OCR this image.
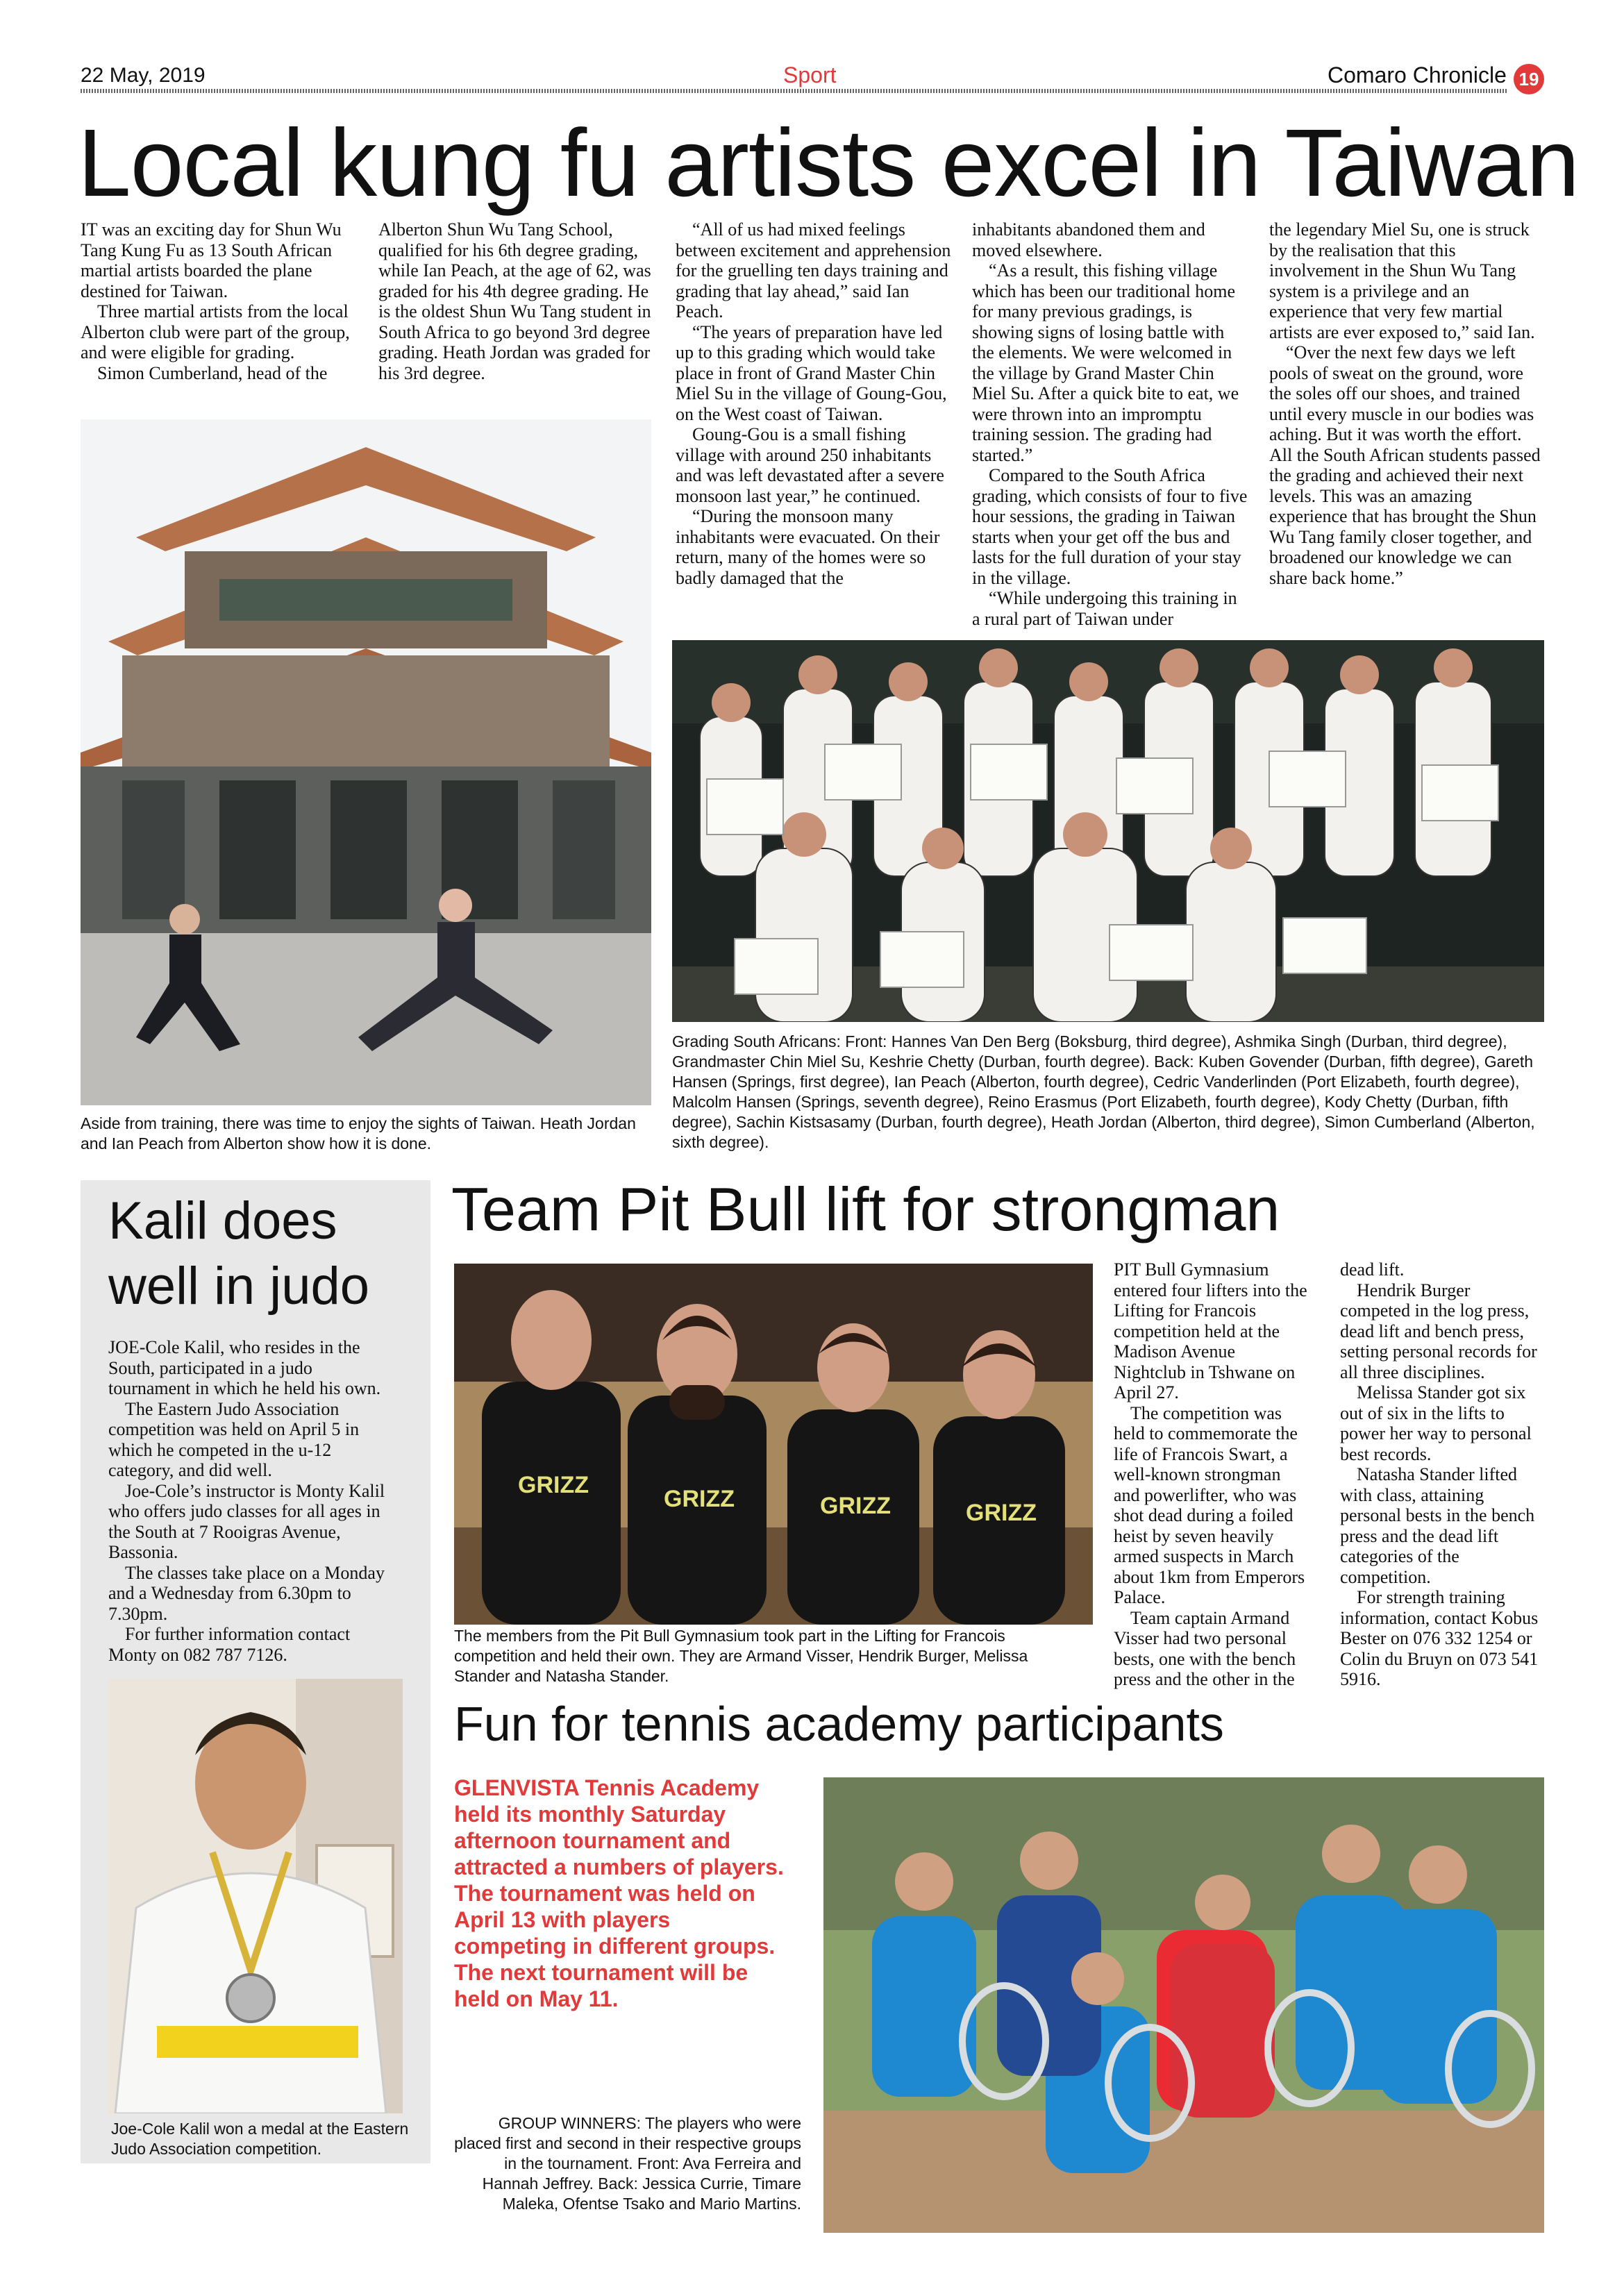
22 May, 2019	Sport	Comaro Chronicle 19
Local kung fu artists excel in Taiwan

IT was an exciting day for Shun Wu Tang Kung Fu as 13 South African martial artists boarded the plane destined for Taiwan.

Three martial artists from the local Alberton club were part of the group, and were eligible for grading.

Simon Cumberland, head of the

Alberton Shun Wu Tang School, qualified for his 6th degree grading, while Ian Peach, at the age of 62, was graded for his 4th degree grading. He is the oldest Shun Wu Tang student in South Africa to go beyond 3rd degree grading. Heath Jordan was graded for his 3rd degree.

“All of us had mixed feelings between excitement and apprehension for the gruelling ten days training and grading that lay ahead,” said Ian Peach.

“The years of preparation have led up to this grading which would take place in front of Grand Master Chin Miel Su in the village of Goung-Gou, on the West coast of Taiwan.

Goung-Gou is a small fishing village with around 250 inhabitants and was left devastated after a severe monsoon last year,” he continued.

“During the monsoon many inhabitants were evacuated. On their return, many of the homes were so badly damaged that the

inhabitants abandoned them and moved elsewhere.

“As a result, this fishing village which has been our traditional home for many previous gradings, is showing signs of losing battle with the elements. We were welcomed in the village by Grand Master Chin Miel Su. After a quick bite to eat, we were thrown into an impromptu training session. The grading had started.”

Compared to the South Africa grading, which consists of four to five hour sessions, the grading in Taiwan starts when your get off the bus and lasts for the full duration of your stay in the village.

“While undergoing this training in a rural part of Taiwan under

the legendary Miel Su, one is struck by the realisation that this involvement in the Shun Wu Tang system is a privilege and an experience that very few martial artists are ever exposed to,” said Ian.

“Over the next few days we left pools of sweat on the ground, wore the soles off our shoes, and trained until every muscle in our bodies was aching. But it was worth the effort. All the South African students passed the grading and achieved their next levels. This was an amazing experience that has brought the Shun Wu Tang family closer together, and broadened our knowledge we can share back home.”

Aside from training, there was time to enjoy the sights of Taiwan. Heath Jordan and Ian Peach from Alberton show how it is done.
Grading South Africans: Front: Hannes Van Den Berg (Boksburg, third degree), Ashmika Singh (Durban, third degree), Grandmaster Chin Miel Su, Keshrie Chetty (Durban, fourth degree). Back: Kuben Govender (Durban, fifth degree), Gareth Hansen (Springs, first degree), Ian Peach (Alberton, fourth degree), Cedric Vanderlinden (Port Elizabeth, fourth degree), Malcolm Hansen (Springs, seventh degree), Reino Erasmus (Port Elizabeth, fourth degree), Kody Chetty (Durban, fifth degree), Sachin Kistsasamy (Durban, fourth degree), Heath Jordan (Alberton, third degree), Simon Cumberland (Alberton, sixth degree).
Kalil does well in judo

JOE-Cole Kalil, who resides in the South, participated in a judo tournament in which he held his own.

The Eastern Judo Association competition was held on April 5 in which he competed in the u-12 category, and did well.

Joe-Cole’s instructor is Monty Kalil who offers judo classes for all ages in the South at 7 Rooigras Avenue, Bassonia.

The classes take place on a Monday and a Wednesday from 6.30pm to 7.30pm.

For further information contact Monty on 082 787 7126.

Joe-Cole Kalil won a medal at the Eastern Judo Association competition.
Team Pit Bull lift for strongman
GRIZZ
GRIZZ	GRIZZ	GRIZZ
The members from the Pit Bull Gymnasium took part in the Lifting for Francois competition and held their own. They are Armand Visser, Hendrik Burger, Melissa Stander and Natasha Stander.

PIT Bull Gymnasium entered four lifters into the Lifting for Francois competition held at the Madison Avenue Nightclub in Tshwane on April 27.

The competition was held to commemorate the life of Francois Swart, a well-known strongman and powerlifter, who was shot dead during a foiled heist by seven heavily armed suspects in March about 1km from Emperors Palace.

Team captain Armand Visser had two personal bests, one with the bench press and the other in the

dead lift.

Hendrik Burger competed in the log press, dead lift and bench press, setting personal records for all three disciplines.

Melissa Stander got six out of six in the lifts to power her way to personal best records.

Natasha Stander lifted with class, attaining personal bests in the bench press and the dead lift categories of the competition.

For strength training information, contact Kobus Bester on 076 332 1254 or Colin du Bruyn on 073 541 5916.

Fun for tennis academy participants
GLENVISTA Tennis Academy held its monthly Saturday afternoon tournament and attracted a numbers of players. The tournament was held on April 13 with players competing in different groups. The next tournament will be held on May 11.
GROUP WINNERS: The players who were placed first and second in their respective groups in the tournament. Front: Ava Ferreira and Hannah Jeffrey. Back: Jessica Currie, Timare Maleka, Ofentse Tsako and Mario Martins.
